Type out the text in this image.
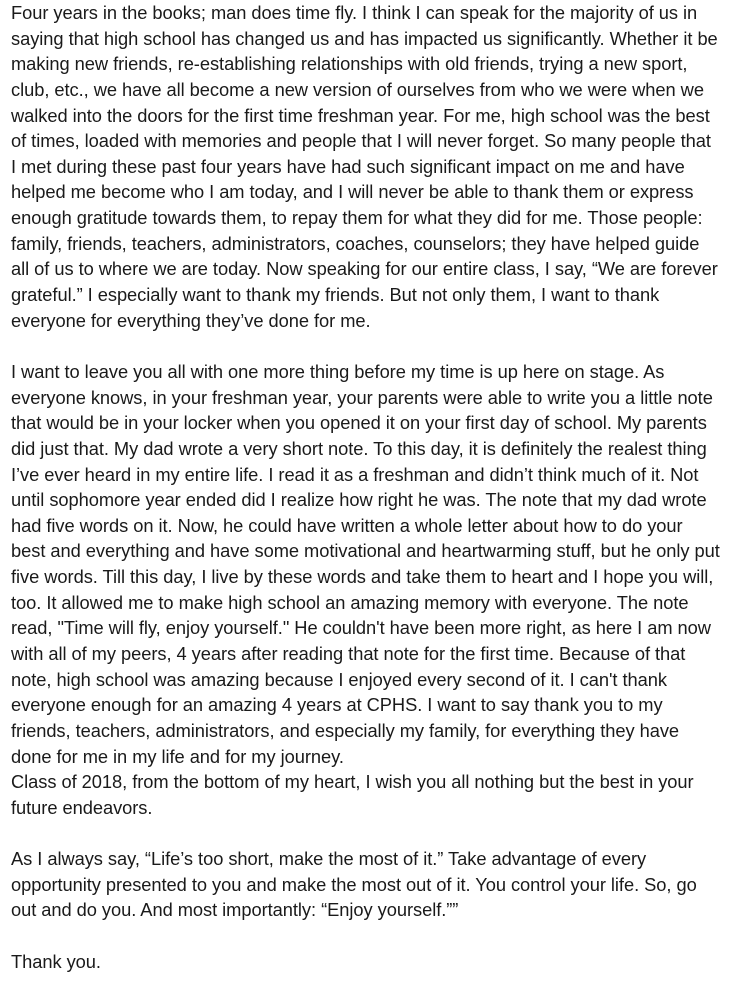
Four years in the books; man does time fly. I think I can speak for the majority of us in
saying that high school has changed us and has impacted us significantly. Whether it be
making new friends, re-establishing relationships with old friends, trying a new sport,
club, etc., we have all become a new version of ourselves from who we were when we
walked into the doors for the first time freshman year. For me, high school was the best
of times, loaded with memories and people that I will never forget. So many people that
I met during these past four years have had such significant impact on me and have
helped me become who I am today, and I will never be able to thank them or express
enough gratitude towards them, to repay them for what they did for me. Those people:
family, friends, teachers, administrators, coaches, counselors; they have helped guide
all of us to where we are today. Now speaking for our entire class, I say, “We are forever
grateful.” I especially want to thank my friends. But not only them, I want to thank
everyone for everything they’ve done for me.
I want to leave you all with one more thing before my time is up here on stage. As
everyone knows, in your freshman year, your parents were able to write you a little note
that would be in your locker when you opened it on your first day of school. My parents
did just that. My dad wrote a very short note. To this day, it is definitely the realest thing
I’ve ever heard in my entire life. I read it as a freshman and didn’t think much of it. Not
until sophomore year ended did I realize how right he was. The note that my dad wrote
had five words on it. Now, he could have written a whole letter about how to do your
best and everything and have some motivational and heartwarming stuff, but he only put
five words. Till this day, I live by these words and take them to heart and I hope you will,
too. It allowed me to make high school an amazing memory with everyone. The note
read, "Time will fly, enjoy yourself." He couldn't have been more right, as here I am now
with all of my peers, 4 years after reading that note for the first time. Because of that
note, high school was amazing because I enjoyed every second of it. I can't thank
everyone enough for an amazing 4 years at CPHS. I want to say thank you to my
friends, teachers, administrators, and especially my family, for everything they have
done for me in my life and for my journey.
Class of 2018, from the bottom of my heart, I wish you all nothing but the best in your
future endeavors.
As I always say, “Life’s too short, make the most of it.” Take advantage of every
opportunity presented to you and make the most out of it. You control your life. So, go
out and do you. And most importantly: “Enjoy yourself.””
Thank you.
